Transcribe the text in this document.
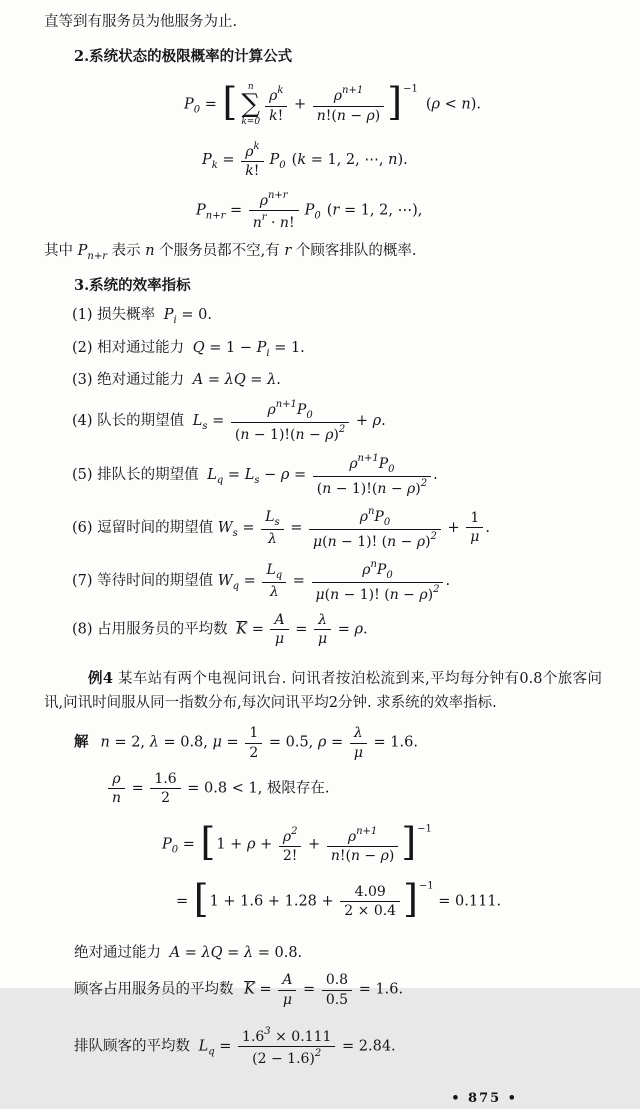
直等到有服务员为他服务为止.
2.系统状态的极限概率的计算公式
$P_0$ = [	n
∑
$k=0 \frac{\rho^k}{k!} + \frac{\rho^{n+1}}{n!(n - \rho)} ]^{-1}(\rho < n)$.
$P_k = \frac{\rho^k}{k!} P_0$ (k = 1, 2, ⋯, n).
$P_{n+r} = \frac{\rho^{n+r}}{n^r \cdot n!} P_0$ (r = 1, 2, ⋯),
其中 $P_{n+r}$ 表示 n 个服务员都不空,有 r 个顾客排队的概率.
3.系统的效率指标
(1) 损失概率 $P_i = 0$.
(2) 相对通过能力 $Q = 1 - P_i = 1$.
(3) 绝对通过能力 A = λQ = λ.
(4) 队长的期望值 $L_s = \frac{\rho^{n+1}P_0}{(n - 1)!(n - \rho)^2} + \rho$.
(5) 排队长的期望值 $L_q = L_s - \rho = \frac{\rho^{n+1}P_0}{(n - 1)!(n - \rho)^2}$ .
(6) 逗留时间的期望值 $W_s = \frac{L_s}{\lambda}$ =
$\rho^nP_0$
μ(n − 1)! $(n - \rho)^2$
+ $\frac{1}{\mu}$ .
(7) 等待时间的期望值 $W_q = \frac{L_q}{\lambda}$ =
$\rho^nP_0$
μ(n − 1)! $(n - \rho)^2$
.
(8) 占用服务员的平均数 $\overline{K} = \frac{A}{\mu} = \frac{\lambda}{\mu} = \rho$.

例4 某车站有两个电视问讯台. 问讯者按泊松流到来,平均每分钟有0.8个旅客问讯,问讯时间服从同一指数分布,每次问讯平均2分钟. 求系统的效率指标.

解 n = 2, λ = 0.8, $\mu = \frac{1}{2} = 0.5$, $\rho = \frac{\lambda}{\mu} = 1.6$.
$\frac{\rho}{n} = \frac{1.6}{2} = 0.8 < 1$, 极限存在.
$P_0 = [1 + \rho + \frac{\rho^2}{2!} + \frac{\rho^{n+1}}{n!(n - \rho)} ]^{-1}$
= $[1 + 1.6 + 1.28 + \frac{4.09}{2 \times 0.4} ]^{-1} = 0.111$.
绝对通过能力 A = λQ = λ = 0.8.
顾客占用服务员的平均数 $\overline{K} = \frac{A}{\mu} = \frac{0.8}{0.5} = 1.6$.
排队顾客的平均数 $L_q = \frac{1.6^3 \times 0.111}{(2 - 1.6)^2} = 2.84$.
• 875 •
